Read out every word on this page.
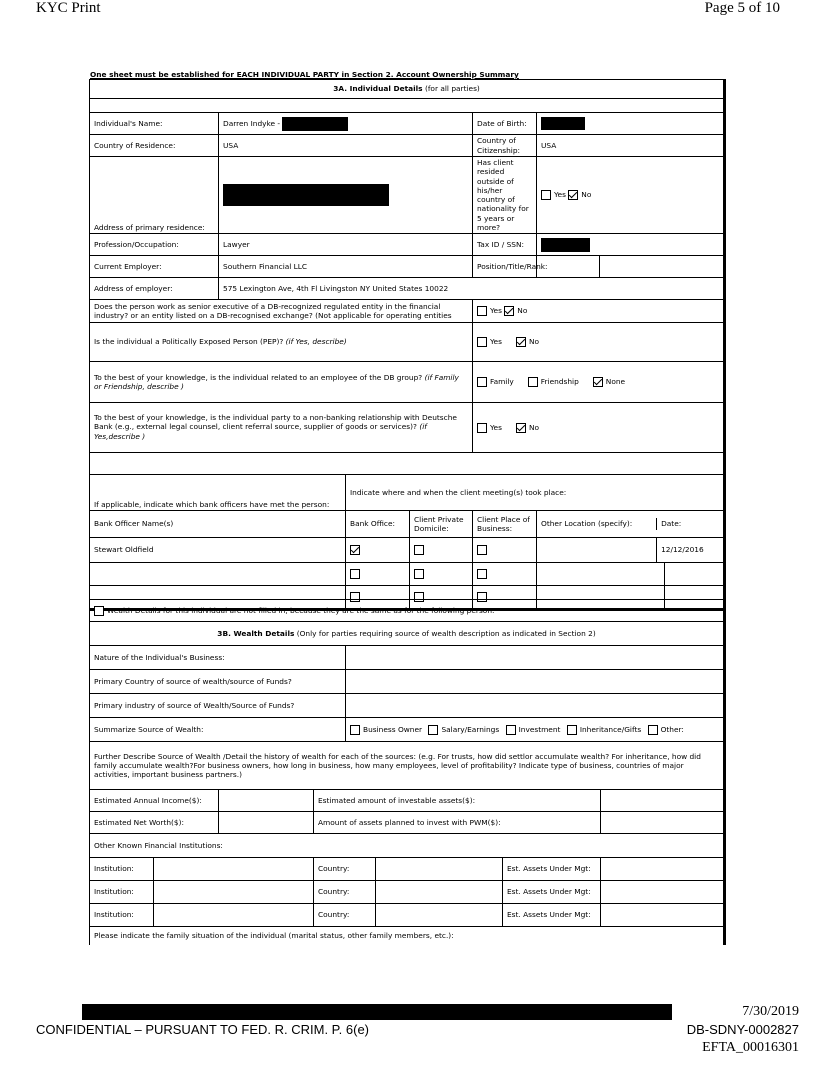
KYC Print	Page 5 of 10
One sheet must be established for EACH INDIVIDUAL PARTY in Section 2. Account Ownership Summary
3A. Individual Details (for all parties)						

Individual's Name:	Darren Indyke -			Date of Birth:		
Country of Residence:	USA			Country of Citizenship:	USA	
Address of primary residence:				Has client resided outside of his/her country of nationality for 5 years or more?	Yes No	
Profession/Occupation:	Lawyer			Tax ID / SSN:		
Current Employer:	Southern Financial LLC			Position/Title/Rank:		
Address of employer:	575 Lexington Ave, 4th Fl Livingston NY United States 10022					
Does the person work as senior executive of a DB-recognized regulated entity in the financial industry? or an entity listed on a DB-recognised exchange? (Not applicable for operating entities				Yes No		
Is the individual a Politically Exposed Person (PEP)? (if Yes, describe)				Yes No		
To the best of your knowledge, is the individual related to an employee of the DB group? (if Family or Friendship, describe )				Family Friendship None		
To the best of your knowledge, is the individual party to a non-banking relationship with Deutsche Bank (e.g., external legal counsel, client referral source, supplier of goods or services)? (if Yes,describe )				Yes No		

If applicable, indicate which bank officers have met the person:		Indicate where and when the client meeting(s) took place:				
Bank Officer Name(s)		Bank Office:	Client Private Domicile:	Client Place of Business:	Other Location (specify): Date:	

Stewart Oldfield					12/12/2016	

Wealth Details for this individual are not filled in, because they are the same as for the following person:						
3B. Wealth Details (Only for parties requiring source of wealth description as indicated in Section 2)						
Nature of the Individual's Business:						
Primary Country of source of wealth/source of Funds?						
Primary industry of source of Wealth/Source of Funds?						
Summarize Source of Wealth:			Business Owner Salary/Earnings Investment Inheritance/Gifts Other:			
Further Describe Source of Wealth /Detail the history of wealth for each of the sources: (e.g. For trusts, how did settlor accumulate wealth? For inheritance, how did family accumulate wealth?For business owners, how long in business, how many employees, level of profitability? Indicate type of business, countries of major activities, important business partners.)						

Estimated Annual Income($):		Estimated amount of investable assets($):				

Estimated Net Worth($):		Amount of assets planned to invest with PWM($):				
Other Known Financial Institutions:						
Institution:		Country:			Est. Assets Under Mgt:	
Institution:		Country:			Est. Assets Under Mgt:	
Institution:		Country:			Est. Assets Under Mgt:	
Please indicate the family situation of the individual (marital status, other family members, etc.):						
7/30/2019
CONFIDENTIAL – PURSUANT TO FED. R. CRIM. P. 6(e)	DB-SDNY-0002827
EFTA_00016301
